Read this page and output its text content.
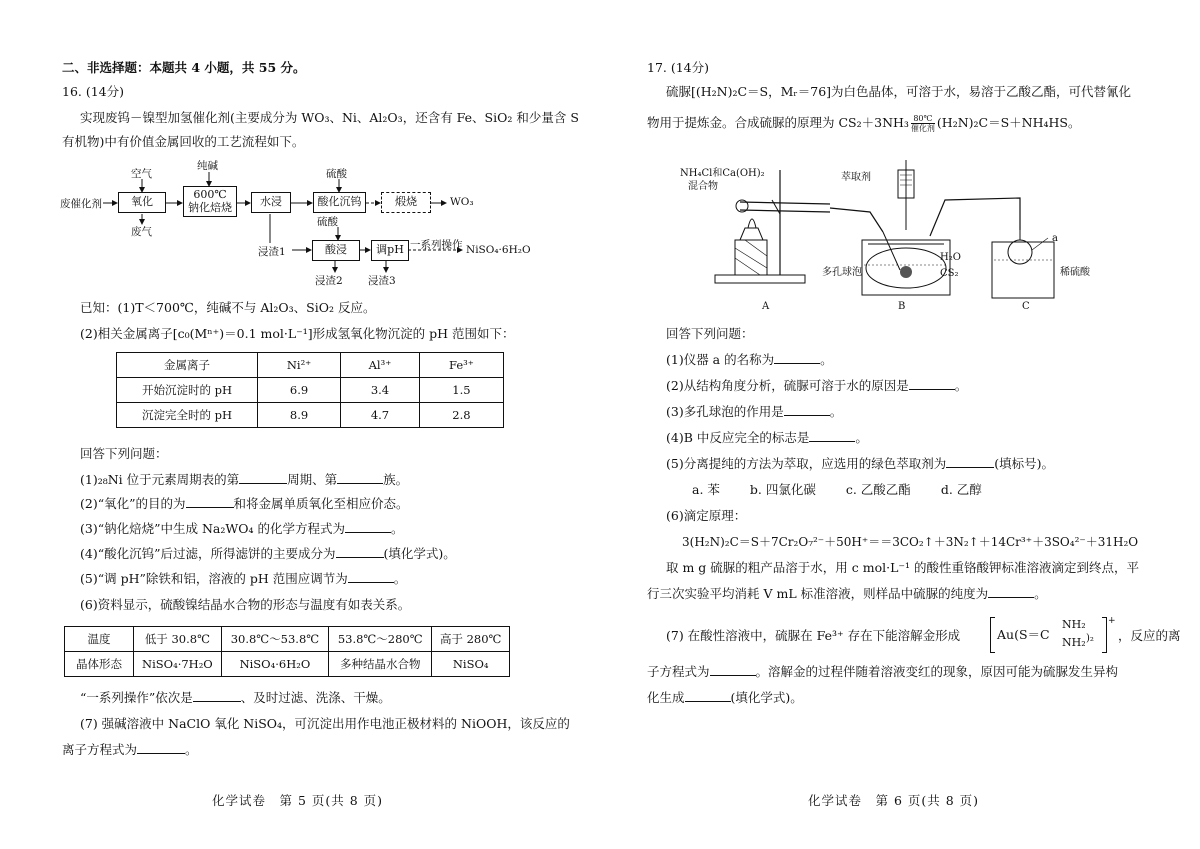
二、非选择题：本题共 4 小题，共 55 分。
16. (14分)
实现废钨－镍型加氢催化剂(主要成分为 WO₃、Ni、Al₂O₃，还含有 Fe、SiO₂ 和少量含 S
有机物)中有价值金属回收的工艺流程如下。
废催化剂
空气
氧化
废气
纯碱
600℃
钠化焙烧	水浸
硫酸
酸化沉钨	煅烧	WO₃
硫酸
浸渣1	酸浸	调pH 一系列操作 NiSO₄·6H₂O
浸渣2 浸渣3
已知：(1)T＜700℃，纯碱不与 Al₂O₃、SiO₂ 反应。
(2)相关金属离子[c₀(Mⁿ⁺)＝0.1 mol·L⁻¹]形成氢氧化物沉淀的 pH 范围如下：
金属离子	Ni²⁺	Al³⁺	Fe³⁺
开始沉淀时的 pH	6.9	3.4	1.5
沉淀完全时的 pH	8.9	4.7	2.8
回答下列问题：
(1)₂₈Ni 位于元素周期表的第	周期、第	族。
(2)“氧化”的目的为	和将金属单质氧化至相应价态。
(3)“钠化焙烧”中生成 Na₂WO₄ 的化学方程式为	。
(4)“酸化沉钨”后过滤，所得滤饼的主要成分为	(填化学式)。
(5)“调 pH”除铁和铝，溶液的 pH 范围应调节为	。
(6)资料显示，硫酸镍结晶水合物的形态与温度有如表关系。
温度	低于 30.8℃	30.8℃～53.8℃	53.8℃～280℃	高于 280℃
晶体形态	NiSO₄·7H₂O	NiSO₄·6H₂O	多种结晶水合物	NiSO₄
“一系列操作”依次是	、及时过滤、洗涤、干燥。
(7) 强碱溶液中 NaClO 氧化 NiSO₄，可沉淀出用作电池正极材料的 NiOOH，该反应的
离子方程式为	。
化学试卷　第 5 页(共 8 页)
17. (14分)
硫脲[(H₂N)₂C＝S，Mᵣ＝76]为白色晶体，可溶于水，易溶于乙酸乙酯，可代替氰化
物用于提炼金。合成硫脲的原理为 $CS_2+3NH_3 \frac{80℃}{\text{催化剂}} (H_2N)_2C=S+NH_4HS$。
NH₄Cl和Ca(OH)₂
混合物
萃取剂
a
H₂O
CS₂
多孔球泡	稀硫酸
A	B	C
回答下列问题：
(1)仪器 a 的名称为	。
(2)从结构角度分析，硫脲可溶于水的原因是	。
(3)多孔球泡的作用是	。
(4)B 中反应完全的标志是	。
(5)分离提纯的方法为萃取，应选用的绿色萃取剂为	(填标号)。
a. 苯 b. 四氯化碳 c. 乙酸乙酯 d. 乙醇
(6)滴定原理：
3(H₂N)₂C＝S＋7Cr₂O₇²⁻＋50H⁺＝＝3CO₂↑＋3N₂↑＋14Cr³⁺＋3SO₄²⁻＋31H₂O
取 m g 硫脲的粗产品溶于水，用 c mol·L⁻¹ 的酸性重铬酸钾标准溶液滴定到终点，平
行三次实验平均消耗 V mL 标准溶液，则样品中硫脲的纯度为	。
(7) 在酸性溶液中，硫脲在 Fe³⁺ 存在下能溶解金形成	Au(S＝C
NH₂
NH₂ )₂
+
，反应的离
子方程式为	。溶解金的过程伴随着溶液变红的现象，原因可能为硫脲发生异构
化生成	(填化学式)。
化学试卷　第 6 页(共 8 页)
